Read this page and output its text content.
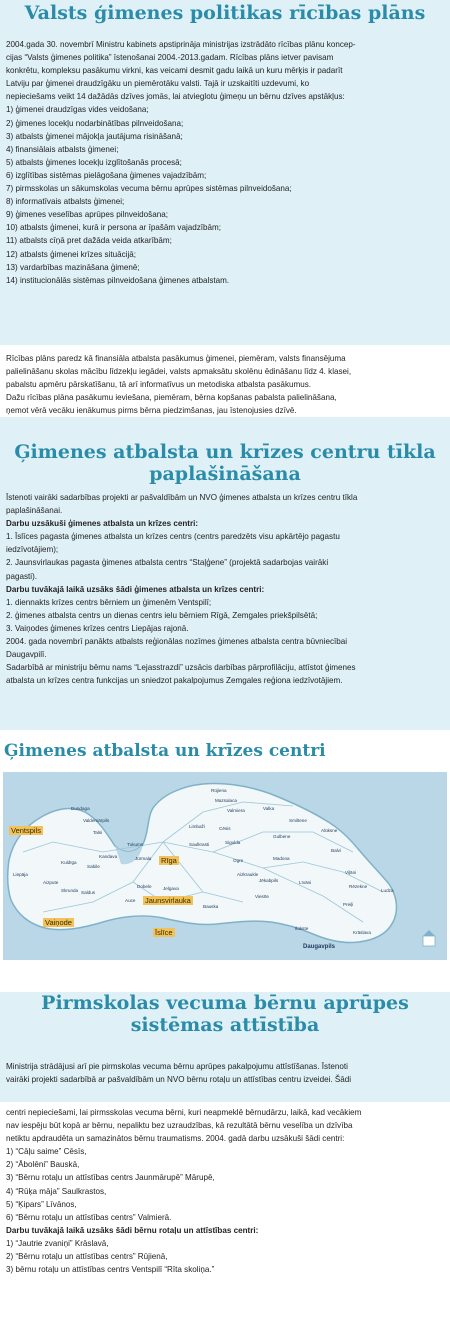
Valsts ģimenes politikas rīcības plāns

2004.gada 30. novembrī Ministru kabinets apstiprināja ministrijas izstrādāto rīcības plānu koncep-

cijas “Valsts ģimenes politika” īstenošanai 2004.-2013.gadam. Rīcības plāns ietver pavisam

konkrētu, kompleksu pasākumu virkni, kas veicami desmit gadu laikā un kuru mērķis ir padarīt

Latviju par ģimenei draudzīgāku un piemērotāku valsti. Tajā ir uzskaitīti uzdevumi, ko

nepieciešams veikt 14 dažādās dzīves jomās, lai atvieglotu ģimeņu un bērnu dzīves apstākļus:

1) ģimenei draudzīgas vides veidošana;

2) ģimenes locekļu nodarbinātības pilnveidošana;

3) atbalsts ģimenei mājokļa jautājuma risināšanā;

4) finansiālais atbalsts ģimenei;

5) atbalsts ģimenes locekļu izglītošanās procesā;

6) izglītības sistēmas pielāgošana ģimenes vajadzībām;

7) pirmsskolas un sākumskolas vecuma bērnu aprūpes sistēmas pilnveidošana;

8) informatīvais atbalsts ģimenei;

9) ģimenes veselības aprūpes pilnveidošana;

10) atbalsts ģimenei, kurā ir persona ar īpašām vajadzībām;

11) atbalsts cīņā pret dažāda veida atkarībām;

12) atbalsts ģimenei krīzes situācijā;

13) vardarbības mazināšana ģimenē;

14) institucionālās sistēmas pilnveidošana ģimenes atbalstam.

Rīcības plāns paredz kā finansiāla atbalsta pasākumus ģimenei, piemēram, valsts finansējuma

palielināšanu skolas mācību līdzekļu iegādei, valsts apmaksātu skolēnu ēdināšanu līdz 4. klasei,

pabalstu apmēru pārskatīšanu, tā arī informatīvus un metodiska atbalsta pasākumus.

Dažu rīcības plāna pasākumu ieviešana, piemēram, bērna kopšanas pabalsta palielināšana,

ņemot vērā vecāku ienākumus pirms bērna piedzimšanas, jau īstenojusies dzīvē.

Ģimenes atbalsta un krīzes centru tīkla
paplašināšana

Īstenoti vairāki sadarbības projekti ar pašvaldībām un NVO ģimenes atbalsta un krīzes centru tīkla

paplašināšanai.

Darbu uzsākuši ģimenes atbalsta un krīzes centri:

1. Īslīces pagasta ģimenes atbalsta un krīzes centrs (centrs paredzēts visu apkārtējo pagastu

iedzīvotājiem);

2. Jaunsvirlaukas pagasta ģimenes atbalsta centrs “Staļģene” (projektā sadarbojas vairāki

pagasti).

Darbu tuvākajā laikā uzsāks šādi ģimenes atbalsta un krīzes centri:

1. diennakts krīzes centrs bērniem un ģimenēm Ventspilī;

2. ģimenes atbalsta centrs un dienas centrs ielu bērniem Rīgā, Zemgales priekšpilsētā;

3. Vaiņodes ģimenes krīzes centrs Liepājas rajonā.

2004. gada novembrī panākts atbalsts reģionālas nozīmes ģimenes atbalsta centra būvniecībai

Daugavpilī.

Sadarbībā ar ministriju bērnu nams “Lejasstrazdi” uzsācis darbības pārprofilāciju, attīstot ģimenes

atbalsta un krīzes centra funkcijas un sniedzot pakalpojumus Zemgales reģiona iedzīvotājiem.

Ģimenes atbalsta un krīzes centri
Rūjiena
Mazsalaca
Valmiera	Valka
Smiltene
Limbaži	Cēsis
Saulkrasti	Sigulda
Gulbene
Alūksne
Balvi
Madona
Ogre
Viļāni
Rēzekne
Ludza
Preiļi
Līvāni
Jēkabpils
Aizkraukle
Viesīte
Ilūkste
Krāslava
Bauska
Jelgava
Dobele
Auce
Tukums
Jūrmala
Kandava
Sabile
Talsi
Dundaga
Valdemārpils
Kuldīga
Saldus
Skrunda
Aizpute
Liepāja
Daugavpils
Ventspils
Rīga
Jaunsvirlauka
Vaiņode
Īslīce
Pirmskolas vecuma bērnu aprūpes
sistēmas attīstība

Ministrija strādājusi arī pie pirmskolas vecuma bērnu aprūpes pakalpojumu attīstīšanas. Īstenoti

vairāki projekti sadarbībā ar pašvaldībām un NVO bērnu rotaļu un attīstības centru izveidei. Šādi

centri nepieciešami, lai pirmsskolas vecuma bērni, kuri neapmeklē bērnudārzu, laikā, kad vecākiem

nav iespēju būt kopā ar bērnu, nepaliktu bez uzraudzības, kā rezultātā bērnu veselība un dzīvība

netiktu apdraudēta un samazinātos bērnu traumatisms. 2004. gadā darbu uzsākuši šādi centri:

1) “Cāļu saime” Cēsīs,

2) “Ābolēni” Bauskā,

3) “Bērnu rotaļu un attīstības centrs Jaunmārupē” Mārupē,

4) “Rūķa māja” Saulkrastos,

5) “Ķipars” Līvānos,

6) “Bērnu rotaļu un attīstības centrs” Valmierā.

Darbu tuvākajā laikā uzsāks šādi bērnu rotaļu un attīstības centri:

1) “Jautrie zvaniņi” Krāslavā,

2) “Bērnu rotaļu un attīstības centrs” Rūjienā,

3) bērnu rotaļu un attīstības centrs Ventspilī “Rīta skoliņa.”
